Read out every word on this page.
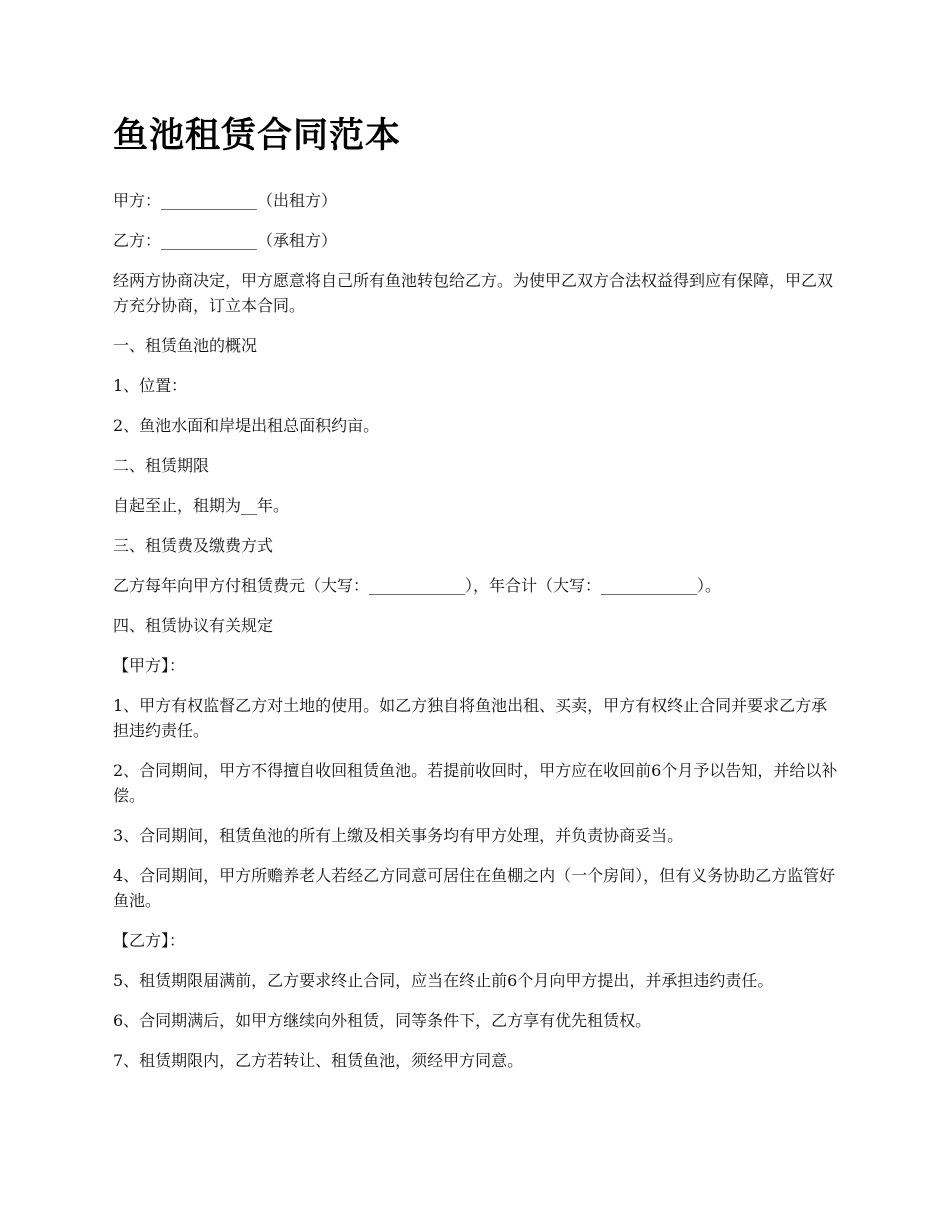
鱼池租赁合同范本

甲方：____________（出租方）

乙方：____________（承租方）

经两方协商决定，甲方愿意将自己所有鱼池转包给乙方。为使甲乙双方合法权益得到应有保障，甲乙双方充分协商，订立本合同。

一、租赁鱼池的概况

1、位置：

2、鱼池水面和岸堤出租总面积约亩。

二、租赁期限

自起至止，租期为__年。

三、租赁费及缴费方式

乙方每年向甲方付租赁费元（大写：____________），年合计（大写：____________）。

四、租赁协议有关规定

【甲方】：

1、甲方有权监督乙方对土地的使用。如乙方独自将鱼池出租、买卖，甲方有权终止合同并要求乙方承担违约责任。

2、合同期间，甲方不得擅自收回租赁鱼池。若提前收回时，甲方应在收回前6个月予以告知，并给以补偿。

3、合同期间，租赁鱼池的所有上缴及相关事务均有甲方处理，并负责协商妥当。

4、合同期间，甲方所赡养老人若经乙方同意可居住在鱼棚之内（一个房间），但有义务协助乙方监管好鱼池。

【乙方】：

5、租赁期限届满前，乙方要求终止合同，应当在终止前6个月向甲方提出，并承担违约责任。

6、合同期满后，如甲方继续向外租赁，同等条件下，乙方享有优先租赁权。

7、租赁期限内，乙方若转让、租赁鱼池，须经甲方同意。
